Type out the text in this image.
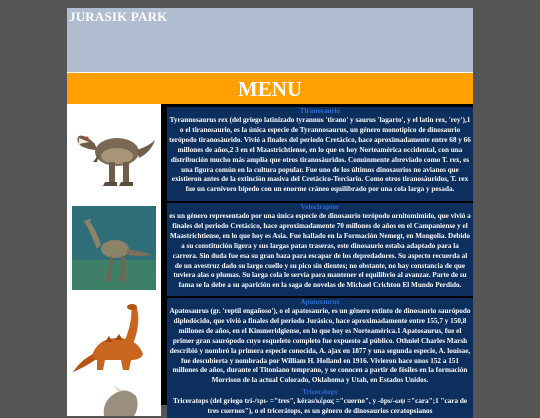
JURASIK PARK
MENU
Tiranosaurio

Tyrannosaurus rex (del griego latinizado tyrannus 'tirano' y saurus 'lagarto', y el latin rex, 'rey'),1 o el tiranosaurio, es la única especie de Tyrannosaurus, un género monotípico de dinosaurio terópodo tiranosáurido. Vivió a finales del periodo Cretácico, hace aproximadamente entre 68 y 66 millones de años,2 3 en el Maastrichtiense, en lo que es hoy Norteamérica occidental, con una distribución mucho más amplia que otros tiranosáuridos. Comúnmente abreviado como T. rex, es una figura común en la cultura popular. Fue uno de los últimos dinosaurios no avianos que existieron antes de la extinción masiva del Cretácico-Terciario. Como otros tiranosáuridos, T. rex fue un carnívoro bípedo con un enorme cráneo equilibrado por una cola larga y pesada.

Velociraptor

es un género representado por una única especie de dinosaurio terópodo ornitomimido, que vivió a finales del periodo Cretácico, hace aproximadamente 70 millones de años en el Campaniense y el Maastrichtiense, en lo que hoy es Asia. Fue hallado en la Formación Nemegt, en Mongolia. Debido a su constitución ligera y sus largas patas traseras, este dinosaurio estaba adaptado para la carrera. Sin duda fue esa su gran baza para escapar de los depredadores. Su aspecto recuerda al de un avestruz dado su largo cuello y su pico sin dientes; no obstante, no hay constancia de que tuviera alas o plumas. Su larga cola le servía para mantener el equilibrio al avanzar. Parte de su fama se la debe a su aparición en la saga de novelas de Michael Crichton El Mundo Perdido.

Apatosaurus

Apatosaurus (gr. 'reptil engañoso'), o el apatosaurio, es un género extinto de dinosaurio saurópodo diplodócido, que vivió a finales del periodo Jurásico, hace aproximadamente entre 155,7 y 150,8 millones de años, en el Kimmeridgiense, en lo que hoy es Norteamérica.1 Apatosaurus, fue el primer gran saurópodo cuyo esqueleto completo fue expuesto al público. Othniel Charles Marsh describió y nombró la primera especie conocida, A. ajax en 1877 y una segunda especie, A. louisae, fue descubierta y nombrada por William H. Holland en 1916. Vivieron hace unos 152 a 151 millones de años, durante el Titoniano temprano, y se conocen a partir de fósiles en la formación Morrison de la actual Colorado, Oklahoma y Utah, en Estados Unidos.

Triceratops

Triceratops (del griego tri-/τρι- ="tres", kéras/κέρας ="cuerno", y -ōps/-ωψ ="cara";1 "cara de tres cuernos"), o el tricerátops, es un género de dinosaurios ceratopsianos
